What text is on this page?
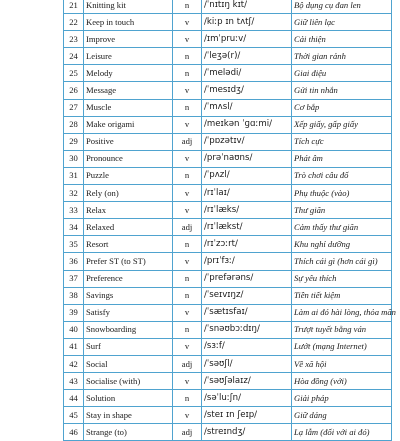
21	Knitting kit	n	/ˈnɪtɪŋ kɪt/	Bộ dụng cụ đan len
22	Keep in touch	v	/kiːp ɪn tʌtʃ/	Giữ liên lạc
23	Improve	v	/ɪmˈpruːv/	Cải thiện
24	Leisure	n	/ˈleʒə(r)/	Thời gian rảnh
25	Melody	n	/ˈmelədi/	Giai điệu
26	Message	v	/ˈmesɪdʒ/	Gửi tin nhắn
27	Muscle	n	/ˈmʌsl/	Cơ bắp
28	Make origami	v	/meɪkən ˈɡɑːmi/	Xếp giấy, gấp giấy
29	Positive	adj	/ˈpɒzətɪv/	Tích cực
30	Pronounce	v	/prəˈnaʊns/	Phát âm
31	Puzzle	n	/ˈpʌzl/	Trò chơi câu đố
32	Rely (on)	v	/rɪˈlaɪ/	Phụ thuộc (vào)
33	Relax	v	/rɪˈlæks/	Thư giãn
34	Relaxed	adj	/rɪˈlækst/	Cảm thấy thư giãn
35	Resort	n	/rɪˈzɔːrt/	Khu nghỉ dưỡng
36	Prefer ST (to ST)	v	/prɪˈfɜː/	Thích cái gì (hơn cái gì)
37	Preference	n	/ˈprefərəns/	Sự yêu thích
38	Savings	n	/ˈseɪvɪŋz/	Tiền tiết kiệm
39	Satisfy	v	/ˈsætɪsfaɪ/	Làm ai đó hài lòng, thỏa mãn
40	Snowboarding	n	/ˈsnəʊbɔːdɪŋ/	Trượt tuyết bằng ván
41	Surf	v	/sɜːf/	Lướt (mạng Internet)
42	Social	adj	/ˈsəʊʃl/	Về xã hội
43	Socialise (with)	v	/ˈsəʊʃəlaɪz/	Hòa đồng (với)
44	Solution	n	/səˈluːʃn/	Giải pháp
45	Stay in shape	v	/steɪ ɪn ʃeɪp/	Giữ dáng
46	Strange (to)	adj	/streɪndʒ/	Lạ lẫm (đối với ai đó)
